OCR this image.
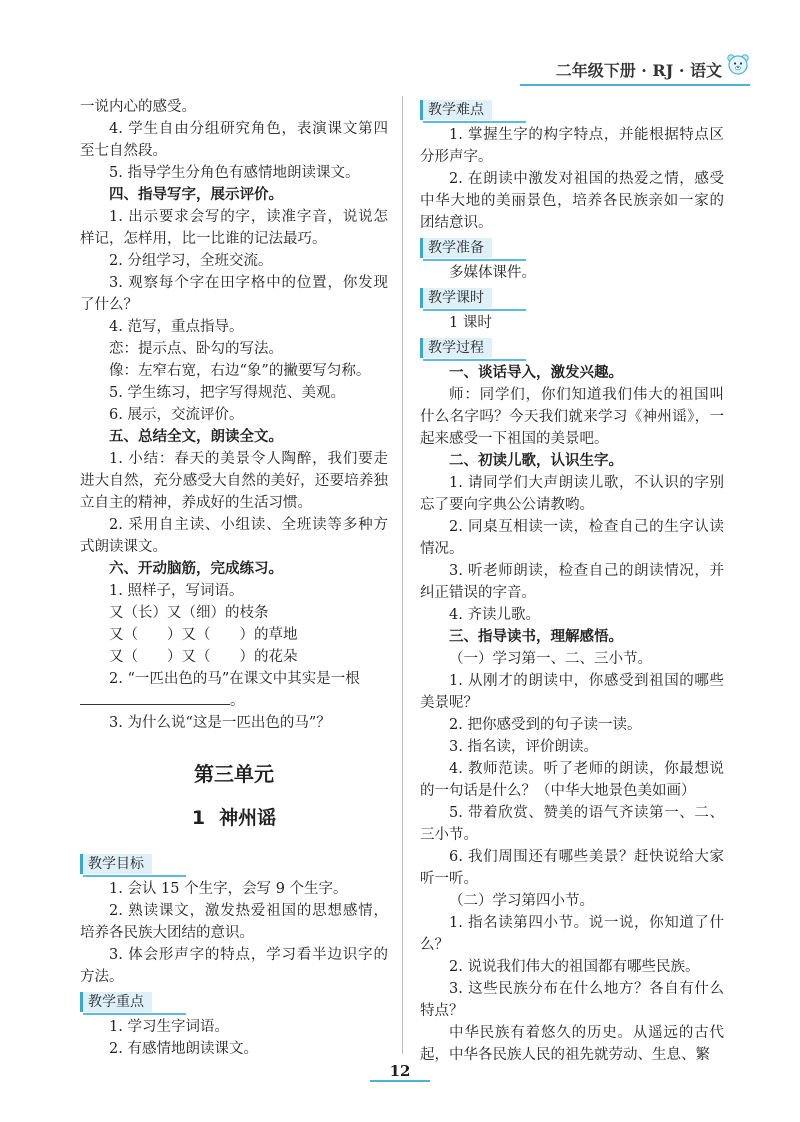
二年级下册 · RJ · 语文

一说内心的感受。

4. 学生自由分组研究角色，表演课文第四至七自然段。

5. 指导学生分角色有感情地朗读课文。

四、指导写字，展示评价。

1. 出示要求会写的字，读准字音，说说怎样记，怎样用，比一比谁的记法最巧。

2. 分组学习，全班交流。

3. 观察每个字在田字格中的位置，你发现了什么？

4. 范写，重点指导。

恋：提示点、卧勾的写法。

像：左窄右宽，右边“象”的撇要写匀称。

5. 学生练习，把字写得规范、美观。

6. 展示，交流评价。

五、总结全文，朗读全文。

1. 小结：春天的美景令人陶醉，我们要走进大自然，充分感受大自然的美好，还要培养独立自主的精神，养成好的生活习惯。

2. 采用自主读、小组读、全班读等多种方式朗读课文。

六、开动脑筋，完成练习。

1. 照样子，写词语。

又（长）又（细）的枝条

又（　　）又（　　）的草地

又（　　）又（　　）的花朵

2. “一匹出色的马”在课文中其实是一根

。

3. 为什么说“这是一匹出色的马”？

第三单元
1 神州谣
教学目标

1. 会认 15 个生字，会写 9 个生字。

2. 熟读课文，激发热爱祖国的思想感情，培养各民族大团结的意识。

3. 体会形声字的特点，学习看半边识字的方法。

教学重点

1. 学习生字词语。

2. 有感情地朗读课文。

教学难点

1. 掌握生字的构字特点，并能根据特点区分形声字。

2. 在朗读中激发对祖国的热爱之情，感受中华大地的美丽景色，培养各民族亲如一家的团结意识。

教学准备

多媒体课件。

教学课时

1 课时

教学过程

一、谈话导入，激发兴趣。

师：同学们，你们知道我们伟大的祖国叫什么名字吗？今天我们就来学习《神州谣》，一起来感受一下祖国的美景吧。

二、初读儿歌，认识生字。

1. 请同学们大声朗读儿歌，不认识的字别忘了要向字典公公请教哟。

2. 同桌互相读一读，检查自己的生字认读情况。

3. 听老师朗读，检查自己的朗读情况，并纠正错误的字音。

4. 齐读儿歌。

三、指导读书，理解感悟。

（一）学习第一、二、三小节。

1. 从刚才的朗读中，你感受到祖国的哪些美景呢？

2. 把你感受到的句子读一读。

3. 指名读，评价朗读。

4. 教师范读。听了老师的朗读，你最想说的一句话是什么？（中华大地景色美如画）

5. 带着欣赏、赞美的语气齐读第一、二、三小节。

6. 我们周围还有哪些美景？赶快说给大家听一听。

（二）学习第四小节。

1. 指名读第四小节。说一说，你知道了什么？

2. 说说我们伟大的祖国都有哪些民族。

3. 这些民族分布在什么地方？各自有什么特点？

中华民族有着悠久的历史。从遥远的古代起，中华各民族人民的祖先就劳动、生息、繁

12
